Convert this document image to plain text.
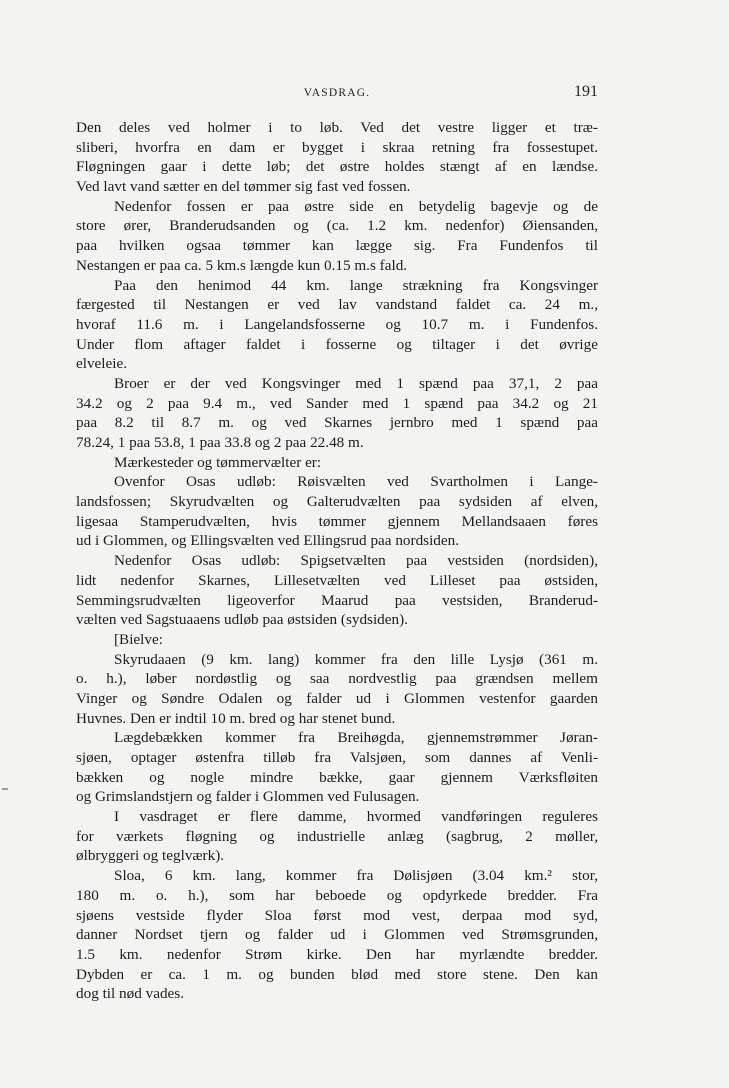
VASDRAG.	191
Den deles ved holmer i to løb. Ved det vestre ligger et træ-
sliberi, hvorfra en dam er bygget i skraa retning fra fossestupet.
Fløgningen gaar i dette løb; det østre holdes stængt af en lændse.
Ved lavt vand sætter en del tømmer sig fast ved fossen.
Nedenfor fossen er paa østre side en betydelig bagevje og de
store ører, Branderudsanden og (ca. 1.2 km. nedenfor) Øiensanden,
paa hvilken ogsaa tømmer kan lægge sig. Fra Fundenfos til
Nestangen er paa ca. 5 km.s længde kun 0.15 m.s fald.
Paa den henimod 44 km. lange strækning fra Kongsvinger
færgested til Nestangen er ved lav vandstand faldet ca. 24 m.,
hvoraf 11.6 m. i Langelandsfosserne og 10.7 m. i Fundenfos.
Under flom aftager faldet i fosserne og tiltager i det øvrige
elveleie.
Broer er der ved Kongsvinger med 1 spænd paa 37,1, 2 paa
34.2 og 2 paa 9.4 m., ved Sander med 1 spænd paa 34.2 og 21
paa 8.2 til 8.7 m. og ved Skarnes jernbro med 1 spænd paa
78.24, 1 paa 53.8, 1 paa 33.8 og 2 paa 22.48 m.
Mærkesteder og tømmervælter er:
Ovenfor Osas udløb: Røisvælten ved Svartholmen i Lange-
landsfossen; Skyrudvælten og Galterudvælten paa sydsiden af elven,
ligesaa Stamperudvælten, hvis tømmer gjennem Mellandsaaen føres
ud i Glommen, og Ellingsvælten ved Ellingsrud paa nordsiden.
Nedenfor Osas udløb: Spigsetvælten paa vestsiden (nordsiden),
lidt nedenfor Skarnes, Lillesetvælten ved Lilleset paa østsiden,
Semmingsrudvælten ligeoverfor Maarud paa vestsiden, Branderud-
vælten ved Sagstuaaens udløb paa østsiden (sydsiden).
[Bielve:
Skyrudaaen (9 km. lang) kommer fra den lille Lysjø (361 m.
o. h.), løber nordøstlig og saa nordvestlig paa grændsen mellem
Vinger og Søndre Odalen og falder ud i Glommen vestenfor gaarden
Huvnes. Den er indtil 10 m. bred og har stenet bund.
Lægdebækken kommer fra Breihøgda, gjennemstrømmer Jøran-
sjøen, optager østenfra tilløb fra Valsjøen, som dannes af Venli-
bækken og nogle mindre bække, gaar gjennem Værksfløiten
og Grimslandstjern og falder i Glommen ved Fulusagen.
I vasdraget er flere damme, hvormed vandføringen reguleres
for værkets fløgning og industrielle anlæg (sagbrug, 2 møller,
ølbryggeri og teglværk).
Sloa, 6 km. lang, kommer fra Dølisjøen (3.04 km.² stor,
180 m. o. h.), som har beboede og opdyrkede bredder. Fra
sjøens vestside flyder Sloa først mod vest, derpaa mod syd,
danner Nordset tjern og falder ud i Glommen ved Strømsgrunden,
1.5 km. nedenfor Strøm kirke. Den har myrlændte bredder.
Dybden er ca. 1 m. og bunden blød med store stene. Den kan
dog til nød vades.
